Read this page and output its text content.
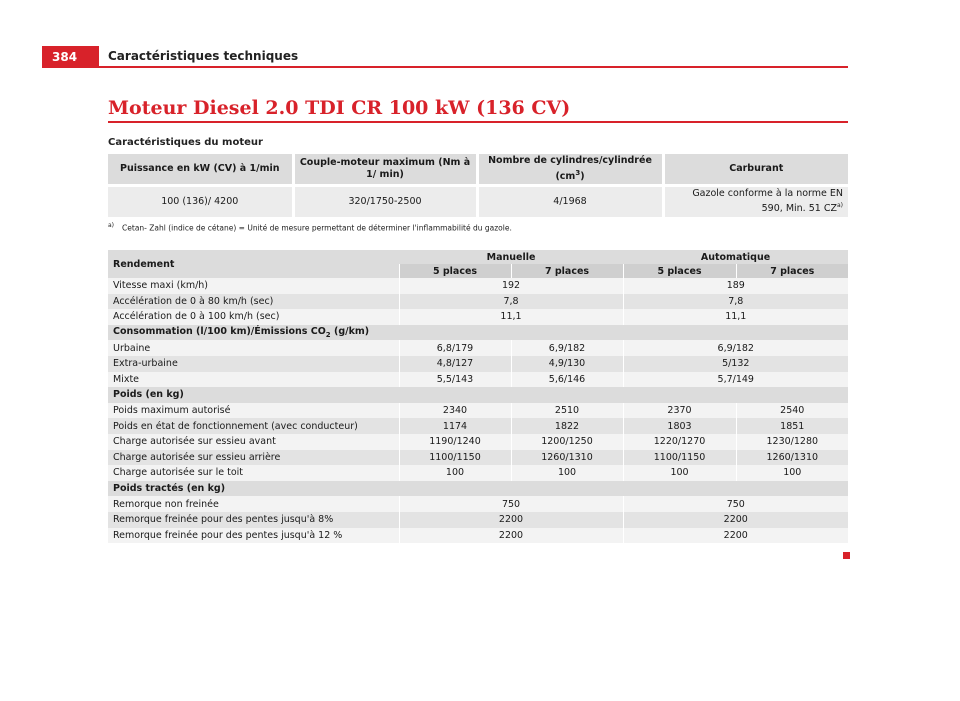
384	Caractéristiques techniques
Moteur Diesel 2.0 TDI CR 100 kW (136 CV)
Caractéristiques du moteur
Puissance en kW (CV) à 1/min	Couple-moteur maximum (Nm à 1/ min)	Nombre de cylindres/cylindrée $(cm^3)$	Carburant
100 (136)/ 4200	320/1750-2500	4/1968	Gazole conforme à la norme EN 590, Min. 51 CZ$^{a)}$
$^{a)}$ Cetan- Zahl (indice de cétane) = Unité de mesure permettant de déterminer l'inflammabilité du gazole.
Rendement	Manuelle		Automatique	
	5 places	7 places	5 places	7 places
Vitesse maxi (km/h)	192		189	
Accélération de 0 à 80 km/h (sec)	7,8		7,8	
Accélération de 0 à 100 km/h (sec)	11,1		11,1	
Consommation (l/100 km)/Émissions $CO_2$ (g/km)				
Urbaine	6,8/179	6,9/182	6,9/182	
Extra-urbaine	4,8/127	4,9/130	5/132	
Mixte	5,5/143	5,6/146	5,7/149	
Poids (en kg)				
Poids maximum autorisé	2340	2510	2370	2540
Poids en état de fonctionnement (avec conducteur)	1174	1822	1803	1851
Charge autorisée sur essieu avant	1190/1240	1200/1250	1220/1270	1230/1280
Charge autorisée sur essieu arrière	1100/1150	1260/1310	1100/1150	1260/1310
Charge autorisée sur le toit	100	100	100	100
Poids tractés (en kg)				
Remorque non freinée	750		750	
Remorque freinée pour des pentes jusqu'à 8%	2200		2200	
Remorque freinée pour des pentes jusqu'à 12 %	2200		2200	
